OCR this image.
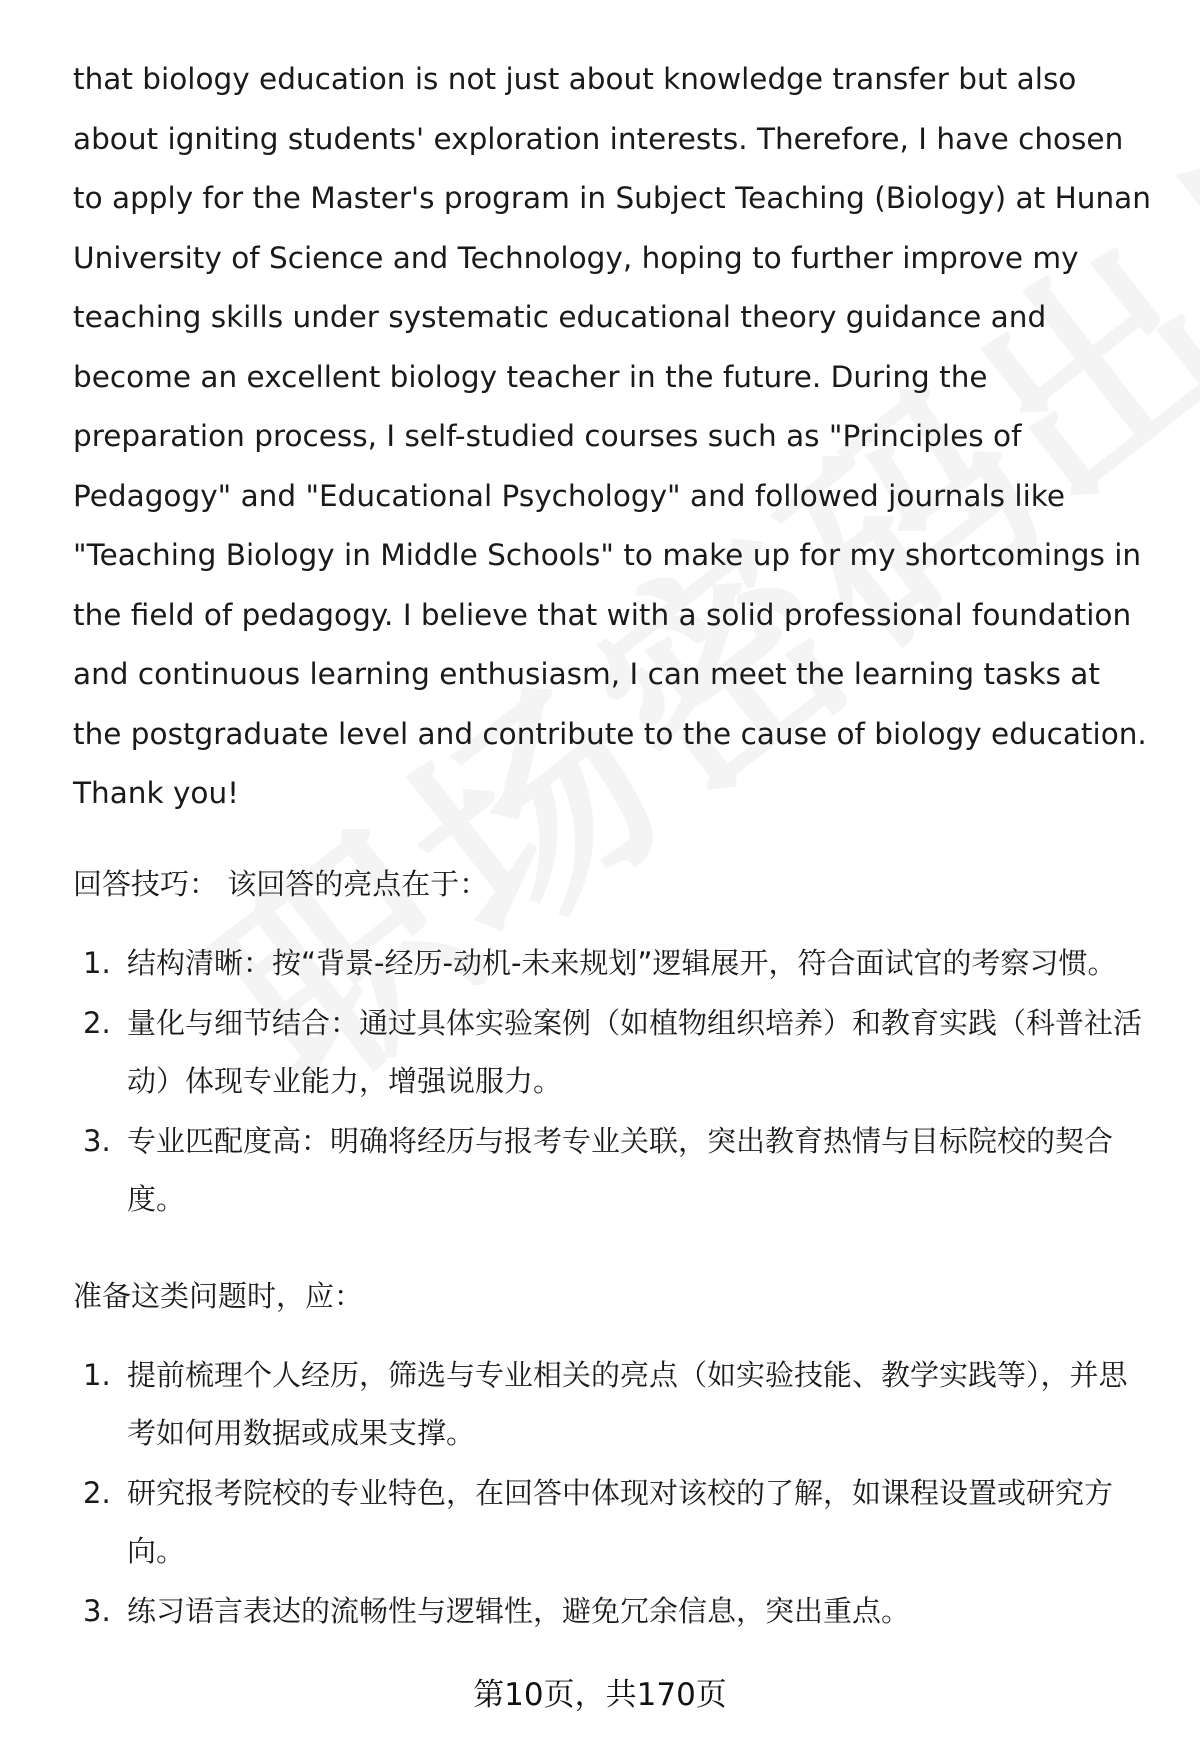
that biology education is not just about knowledge transfer but also about igniting students' exploration interests. Therefore, I have chosen to apply for the Master's program in Subject Teaching (Biology) at Hunan University of Science and Technology, hoping to further improve my teaching skills under systematic educational theory guidance and become an excellent biology teacher in the future. During the preparation process, I self-studied courses such as "Principles of Pedagogy" and "Educational Psychology" and followed journals like "Teaching Biology in Middle Schools" to make up for my shortcomings in the field of pedagogy. I believe that with a solid professional foundation and continuous learning enthusiasm, I can meet the learning tasks at the postgraduate level and contribute to the cause of biology education. Thank you!

回答技巧： 该回答的亮点在于：

1. 结构清晰：按“背景-经历-动机-未来规划”逻辑展开，符合面试官的考察习惯。
2. 量化与细节结合：通过具体实验案例（如植物组织培养）和教育实践（科普社活动）体现专业能力，增强说服力。
3. 专业匹配度高：明确将经历与报考专业关联，突出教育热情与目标院校的契合度。

准备这类问题时，应：

1. 提前梳理个人经历，筛选与专业相关的亮点（如实验技能、教学实践等），并思考如何用数据或成果支撑。
2. 研究报考院校的专业特色，在回答中体现对该校的了解，如课程设置或研究方向。
3. 练习语言表达的流畅性与逻辑性，避免冗余信息，突出重点。
第10页，共170页
